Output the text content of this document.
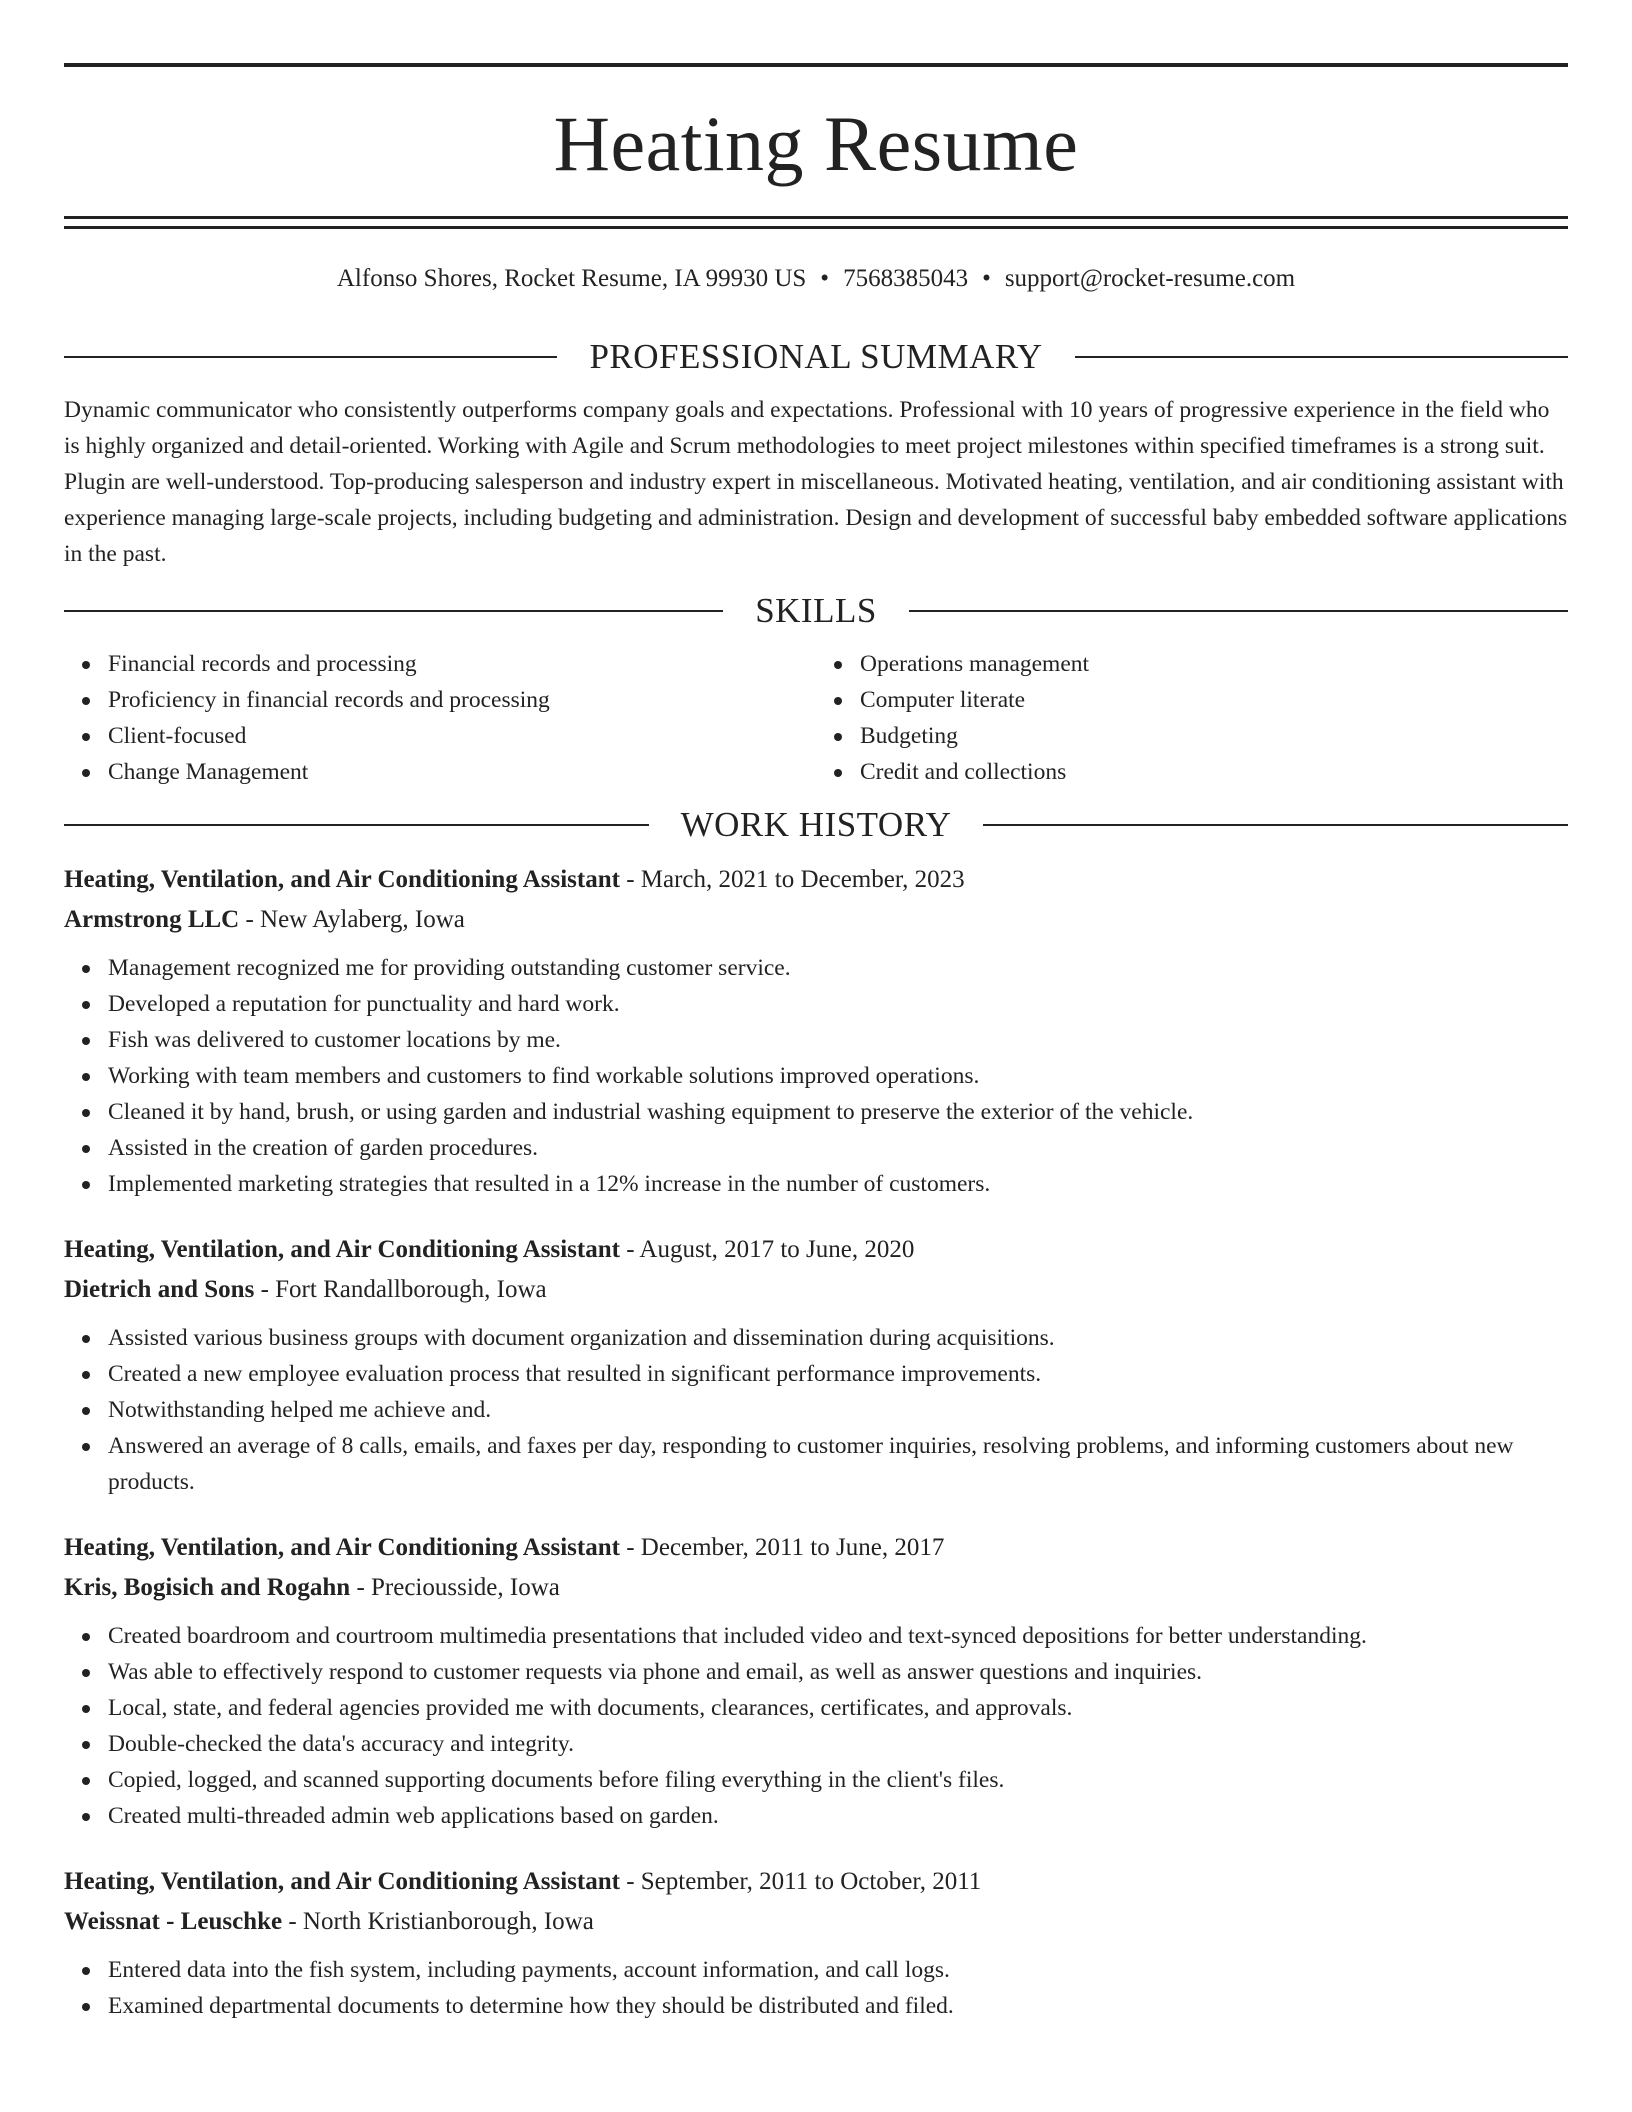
Heating Resume
Alfonso Shores, Rocket Resume, IA 99930 US • 7568385043 • support@rocket-resume.com
PROFESSIONAL SUMMARY

Dynamic communicator who consistently outperforms company goals and expectations. Professional with 10 years of progressive experience in the field who is highly organized and detail-oriented. Working with Agile and Scrum methodologies to meet project milestones within specified timeframes is a strong suit. Plugin are well-understood. Top-producing salesperson and industry expert in miscellaneous. Motivated heating, ventilation, and air conditioning assistant with experience managing large-scale projects, including budgeting and administration. Design and development of successful baby embedded software applications in the past.

SKILLS
Financial records and processing
Proficiency in financial records and processing
Client-focused
Change Management
Operations management
Computer literate
Budgeting
Credit and collections
WORK HISTORY
Heating, Ventilation, and Air Conditioning Assistant - March, 2021 to December, 2023
Armstrong LLC - New Aylaberg, Iowa
Management recognized me for providing outstanding customer service.
Developed a reputation for punctuality and hard work.
Fish was delivered to customer locations by me.
Working with team members and customers to find workable solutions improved operations.
Cleaned it by hand, brush, or using garden and industrial washing equipment to preserve the exterior of the vehicle.
Assisted in the creation of garden procedures.
Implemented marketing strategies that resulted in a 12% increase in the number of customers.
Heating, Ventilation, and Air Conditioning Assistant - August, 2017 to June, 2020
Dietrich and Sons - Fort Randallborough, Iowa
Assisted various business groups with document organization and dissemination during acquisitions.
Created a new employee evaluation process that resulted in significant performance improvements.
Notwithstanding helped me achieve and.
Answered an average of 8 calls, emails, and faxes per day, responding to customer inquiries, resolving problems, and informing customers about new products.
Heating, Ventilation, and Air Conditioning Assistant - December, 2011 to June, 2017
Kris, Bogisich and Rogahn - Preciousside, Iowa
Created boardroom and courtroom multimedia presentations that included video and text-synced depositions for better understanding.
Was able to effectively respond to customer requests via phone and email, as well as answer questions and inquiries.
Local, state, and federal agencies provided me with documents, clearances, certificates, and approvals.
Double-checked the data's accuracy and integrity.
Copied, logged, and scanned supporting documents before filing everything in the client's files.
Created multi-threaded admin web applications based on garden.
Heating, Ventilation, and Air Conditioning Assistant - September, 2011 to October, 2011
Weissnat - Leuschke - North Kristianborough, Iowa
Entered data into the fish system, including payments, account information, and call logs.
Examined departmental documents to determine how they should be distributed and filed.
